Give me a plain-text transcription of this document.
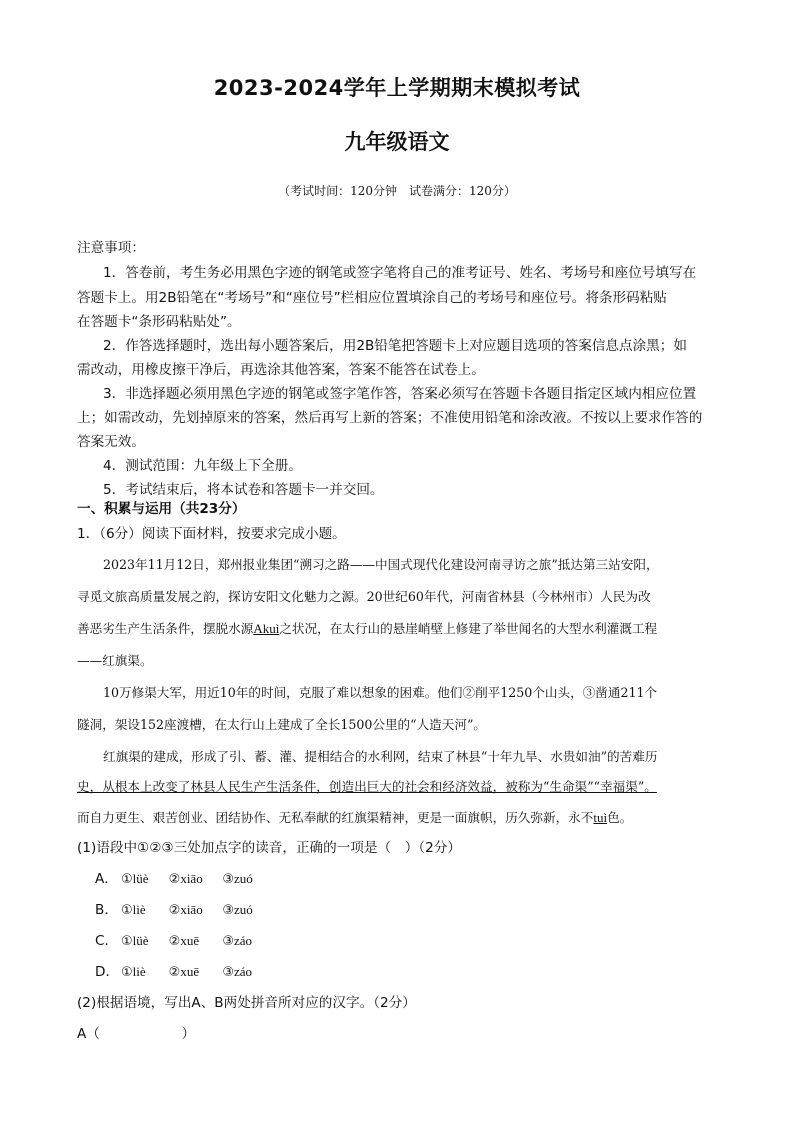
2023-2024学年上学期期末模拟考试
九年级语文
（考试时间：120分钟　试卷满分：120分）
注意事项：
1．答卷前，考生务必用黑色字迹的钢笔或签字笔将自己的准考证号、姓名、考场号和座位号填写在
答题卡上。用2B铅笔在“考场号”和“座位号”栏相应位置填涂自己的考场号和座位号。将条形码粘贴
在答题卡“条形码粘贴处”。
2．作答选择题时，选出每小题答案后，用2B铅笔把答题卡上对应题目选项的答案信息点涂黑；如
需改动，用橡皮擦干净后，再选涂其他答案，答案不能答在试卷上。
3．非选择题必须用黑色字迹的钢笔或签字笔作答，答案必须写在答题卡各题目指定区域内相应位置
上；如需改动，先划掉原来的答案，然后再写上新的答案；不准使用铅笔和涂改液。不按以上要求作答的
答案无效。
4．测试范围：九年级上下全册。
5．考试结束后，将本试卷和答题卡一并交回。
一、积累与运用（共23分）
1．（6分）阅读下面材料，按要求完成小题。
2023年11月12日，郑州报业集团“溯习之路——中国式现代化建设河南寻访之旅”抵达第三站安阳，
寻觅文旅高质量发展之韵，探访安阳文化魅力之源。20世纪60年代，河南省林县（今林州市）人民为改
善恶劣生产生活条件，摆脱水源Akuì之状况，在太行山的悬崖峭壁上修建了举世闻名的大型水利灌溉工程
——红旗渠。
10万修渠大军，用近10年的时间，克服了难以想象的困难。他们②削平1250个山头，③凿通211个
隧洞，架设152座渡槽，在太行山上建成了全长1500公里的“人造天河”。
红旗渠的建成，形成了引、蓄、灌、提相结合的水利网，结束了林县“十年九旱、水贵如油”的苦难历
史，从根本上改变了林县人民生产生活条件，创造出巨大的社会和经济效益，被称为“生命渠”“幸福渠”。
而自力更生、艰苦创业、团结协作、无私奉献的红旗渠精神，更是一面旗帜，历久弥新，永不tuì色。
(1)语段中①②③三处加点字的读音，正确的一项是（　）（2分）
A． ①lüè ②xiāo ③zuó
B． ①liè ②xiāo ③zuó
C． ①lüè ②xuē ③záo
D． ①liè ②xuē ③záo
(2)根据语境，写出A、B两处拼音所对应的汉字。（2分）
A（　　　　　　）
